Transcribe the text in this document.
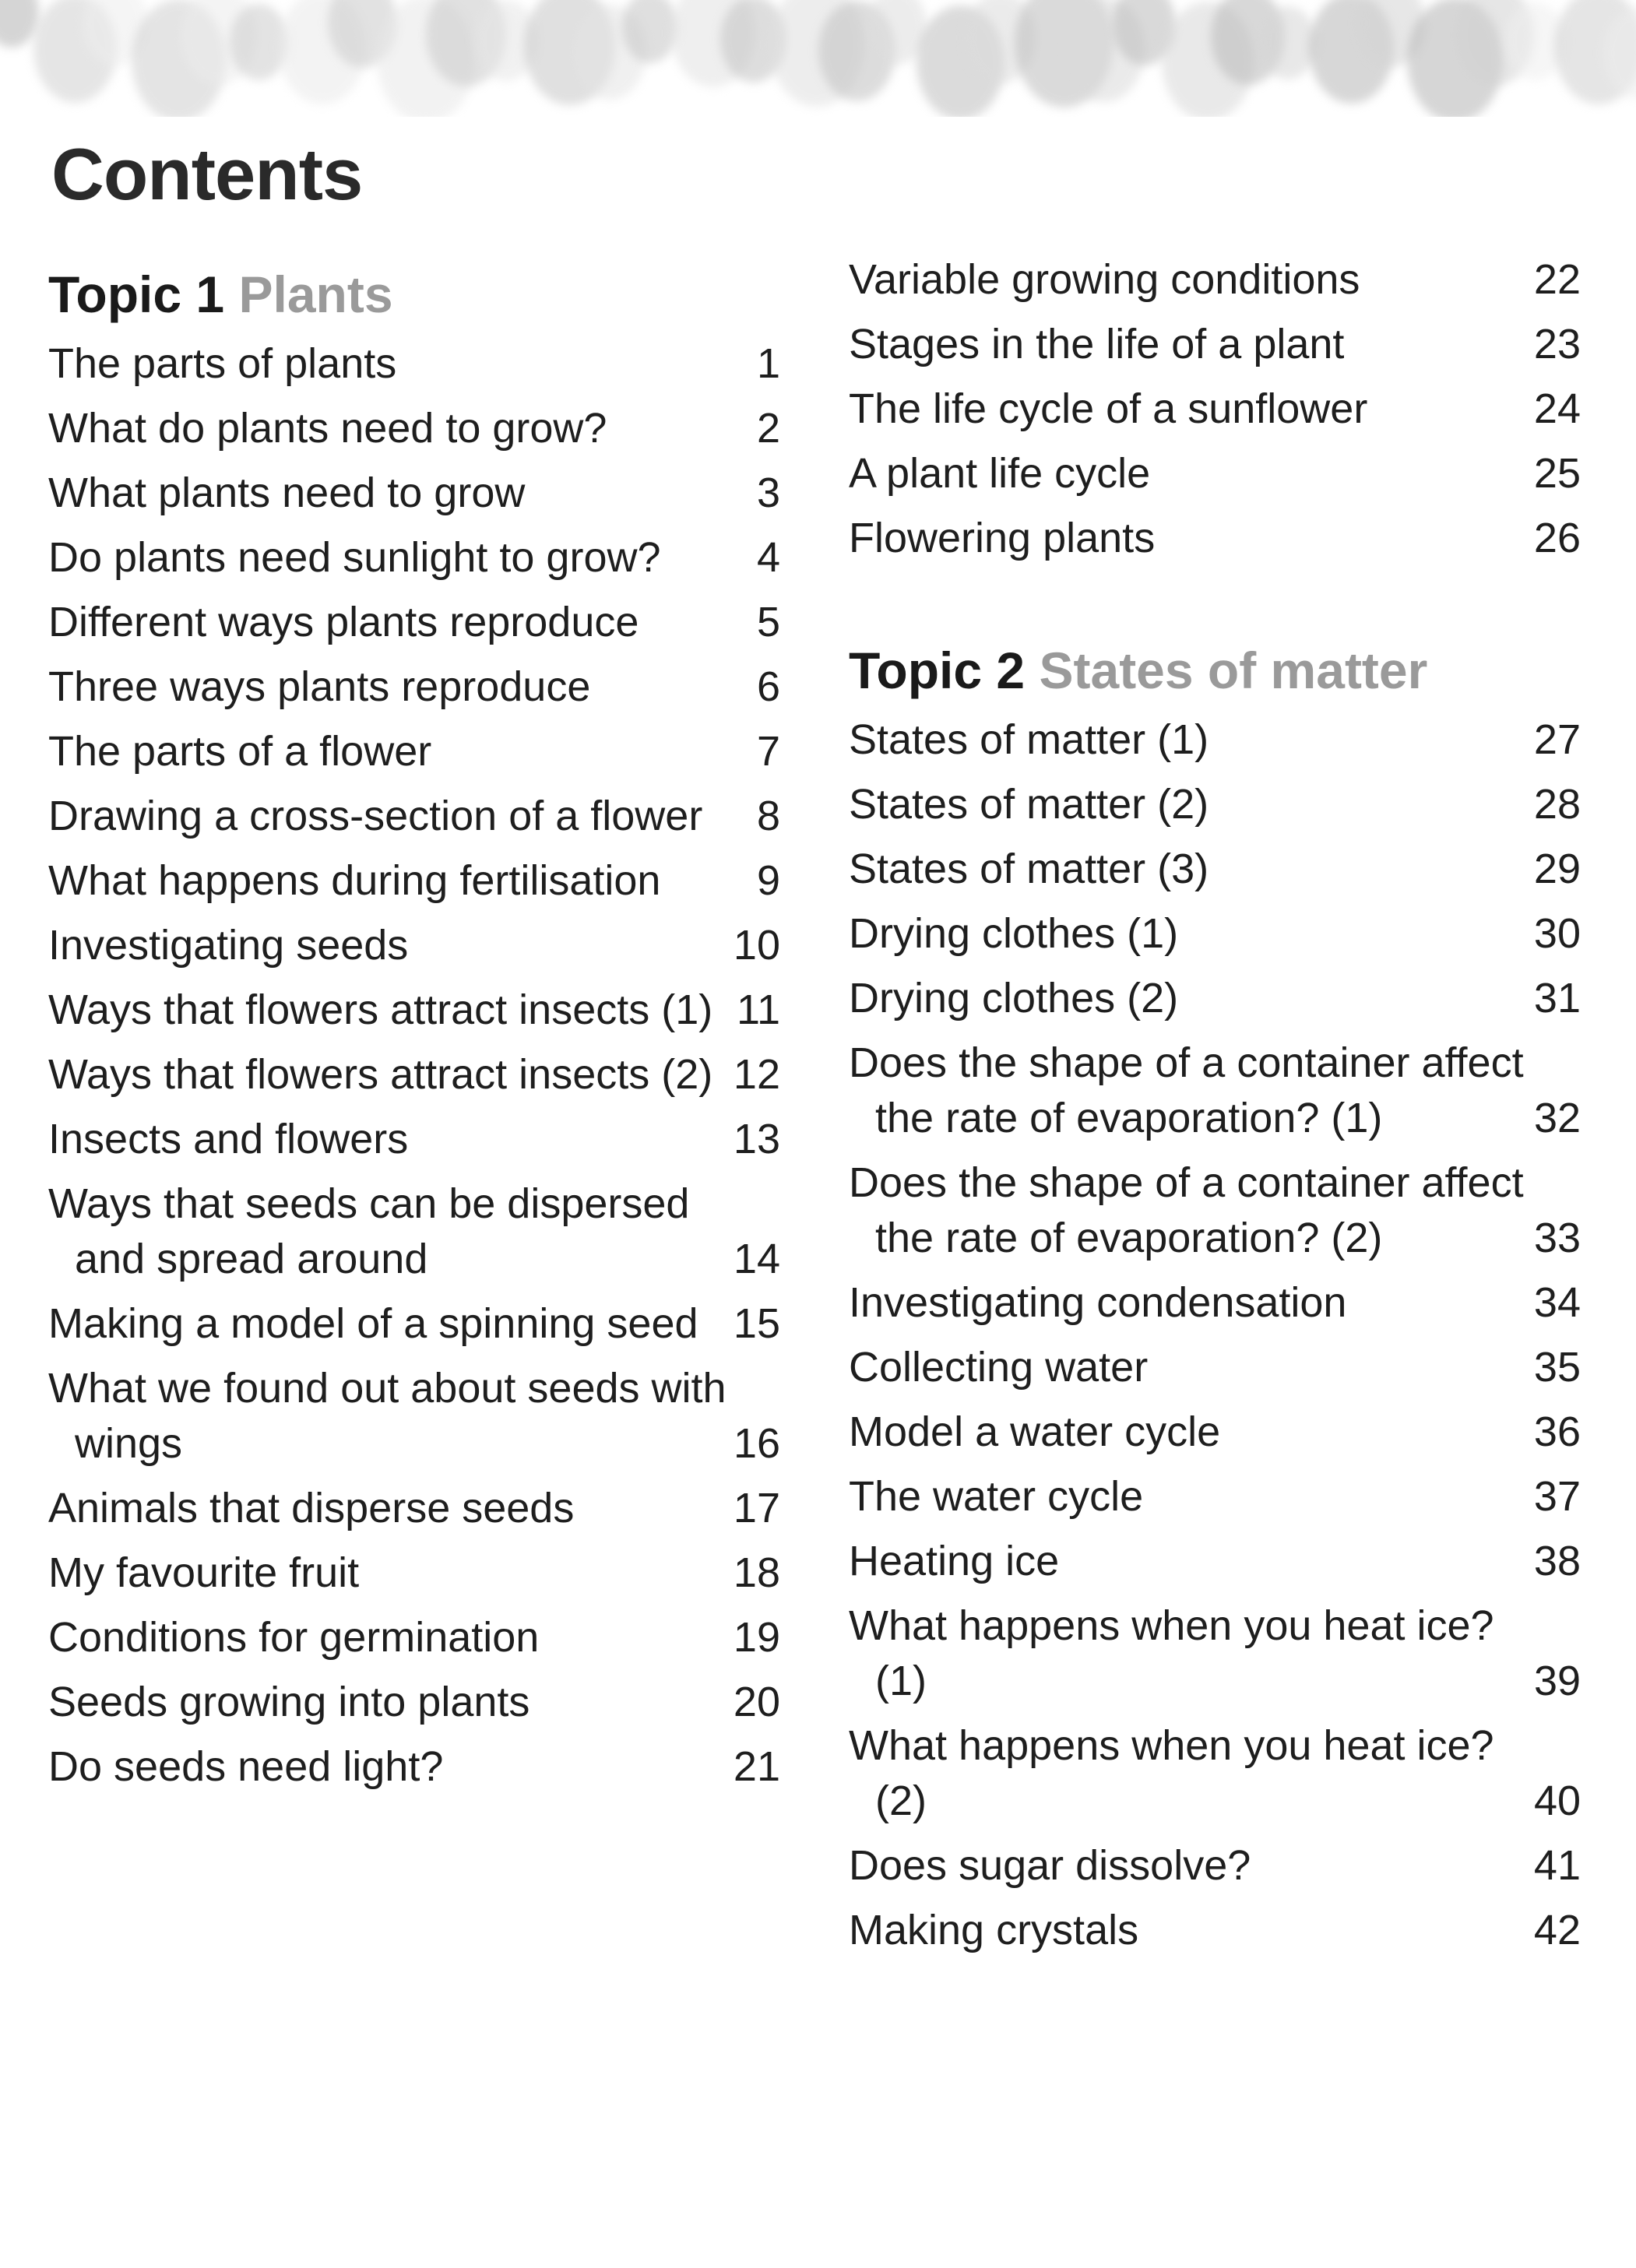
Contents
Topic 1 Plants
The parts of plants	1
What do plants need to grow?	2
What plants need to grow	3
Do plants need sunlight to grow?	4
Different ways plants reproduce	5
Three ways plants reproduce	6
The parts of a flower	7
Drawing a cross-section of a flower	8
What happens during fertilisation	9
Investigating seeds	10
Ways that flowers attract insects (1) 11
Ways that flowers attract insects (2) 12
Insects and flowers	13
Ways that seeds can be dispersed and spread around	14
Making a model of a spinning seed 15
What we found out about seeds with wings	16
Animals that disperse seeds	17
My favourite fruit	18
Conditions for germination	19
Seeds growing into plants	20
Do seeds need light?	21
Variable growing conditions	22
Stages in the life of a plant	23
The life cycle of a sunflower	24
A plant life cycle	25
Flowering plants	26
Topic 2 States of matter
States of matter (1)	27
States of matter (2)	28
States of matter (3)	29
Drying clothes (1)	30
Drying clothes (2)	31
Does the shape of a container affect the rate of evaporation? (1)	32
Does the shape of a container affect the rate of evaporation? (2)	33
Investigating condensation	34
Collecting water	35
Model a water cycle	36
The water cycle	37
Heating ice	38
What happens when you heat ice? (1)	39
What happens when you heat ice? (2)	40
Does sugar dissolve?	41
Making crystals	42
